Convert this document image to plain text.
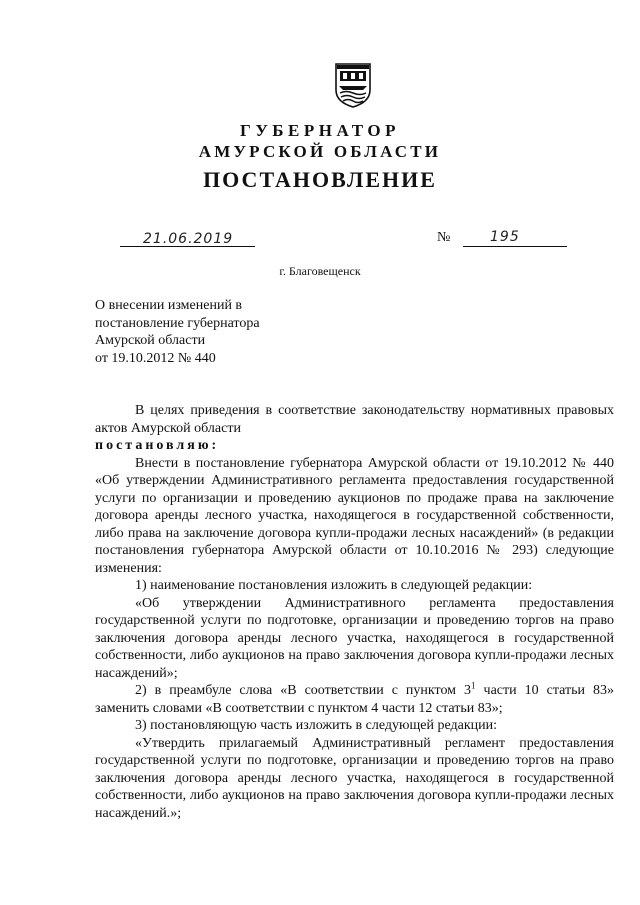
ГУБЕРНАТОР
АМУРСКОЙ ОБЛАСТИ
ПОСТАНОВЛЕНИЕ
21.06.2019	№	195

г. Благовещенск

О внесении изменений в
постановление губернатора
Амурской области
от 19.10.2012 № 440

В целях приведения в соответствие законодательству нормативных правовых актов Амурской области

постановляю:

Внести в постановление губернатора Амурской области от 19.10.2012 № 440 «Об утверждении Административного регламента предоставления государственной услуги по организации и проведению аукционов по продаже права на заключение договора аренды лесного участка, находящегося в государственной собственности, либо права на заключение договора купли-продажи лесных насаждений» (в редакции постановления губернатора Амурской области от 10.10.2016 № 293) следующие изменения:

1) наименование постановления изложить в следующей редакции:

«Об утверждении Административного регламента предоставления государственной услуги по подготовке, организации и проведению торгов на право заключения договора аренды лесного участка, находящегося в государственной собственности, либо аукционов на право заключения договора купли-продажи лесных насаждений»;

2) в преамбуле слова «В соответствии с пунктом $3^1$ части 10 статьи 83» заменить словами «В соответствии с пунктом 4 части 12 статьи 83»;

3) постановляющую часть изложить в следующей редакции:

«Утвердить прилагаемый Административный регламент предоставления государственной услуги по подготовке, организации и проведению торгов на право заключения договора аренды лесного участка, находящегося в государственной собственности, либо аукционов на право заключения договора купли-продажи лесных насаждений.»;
